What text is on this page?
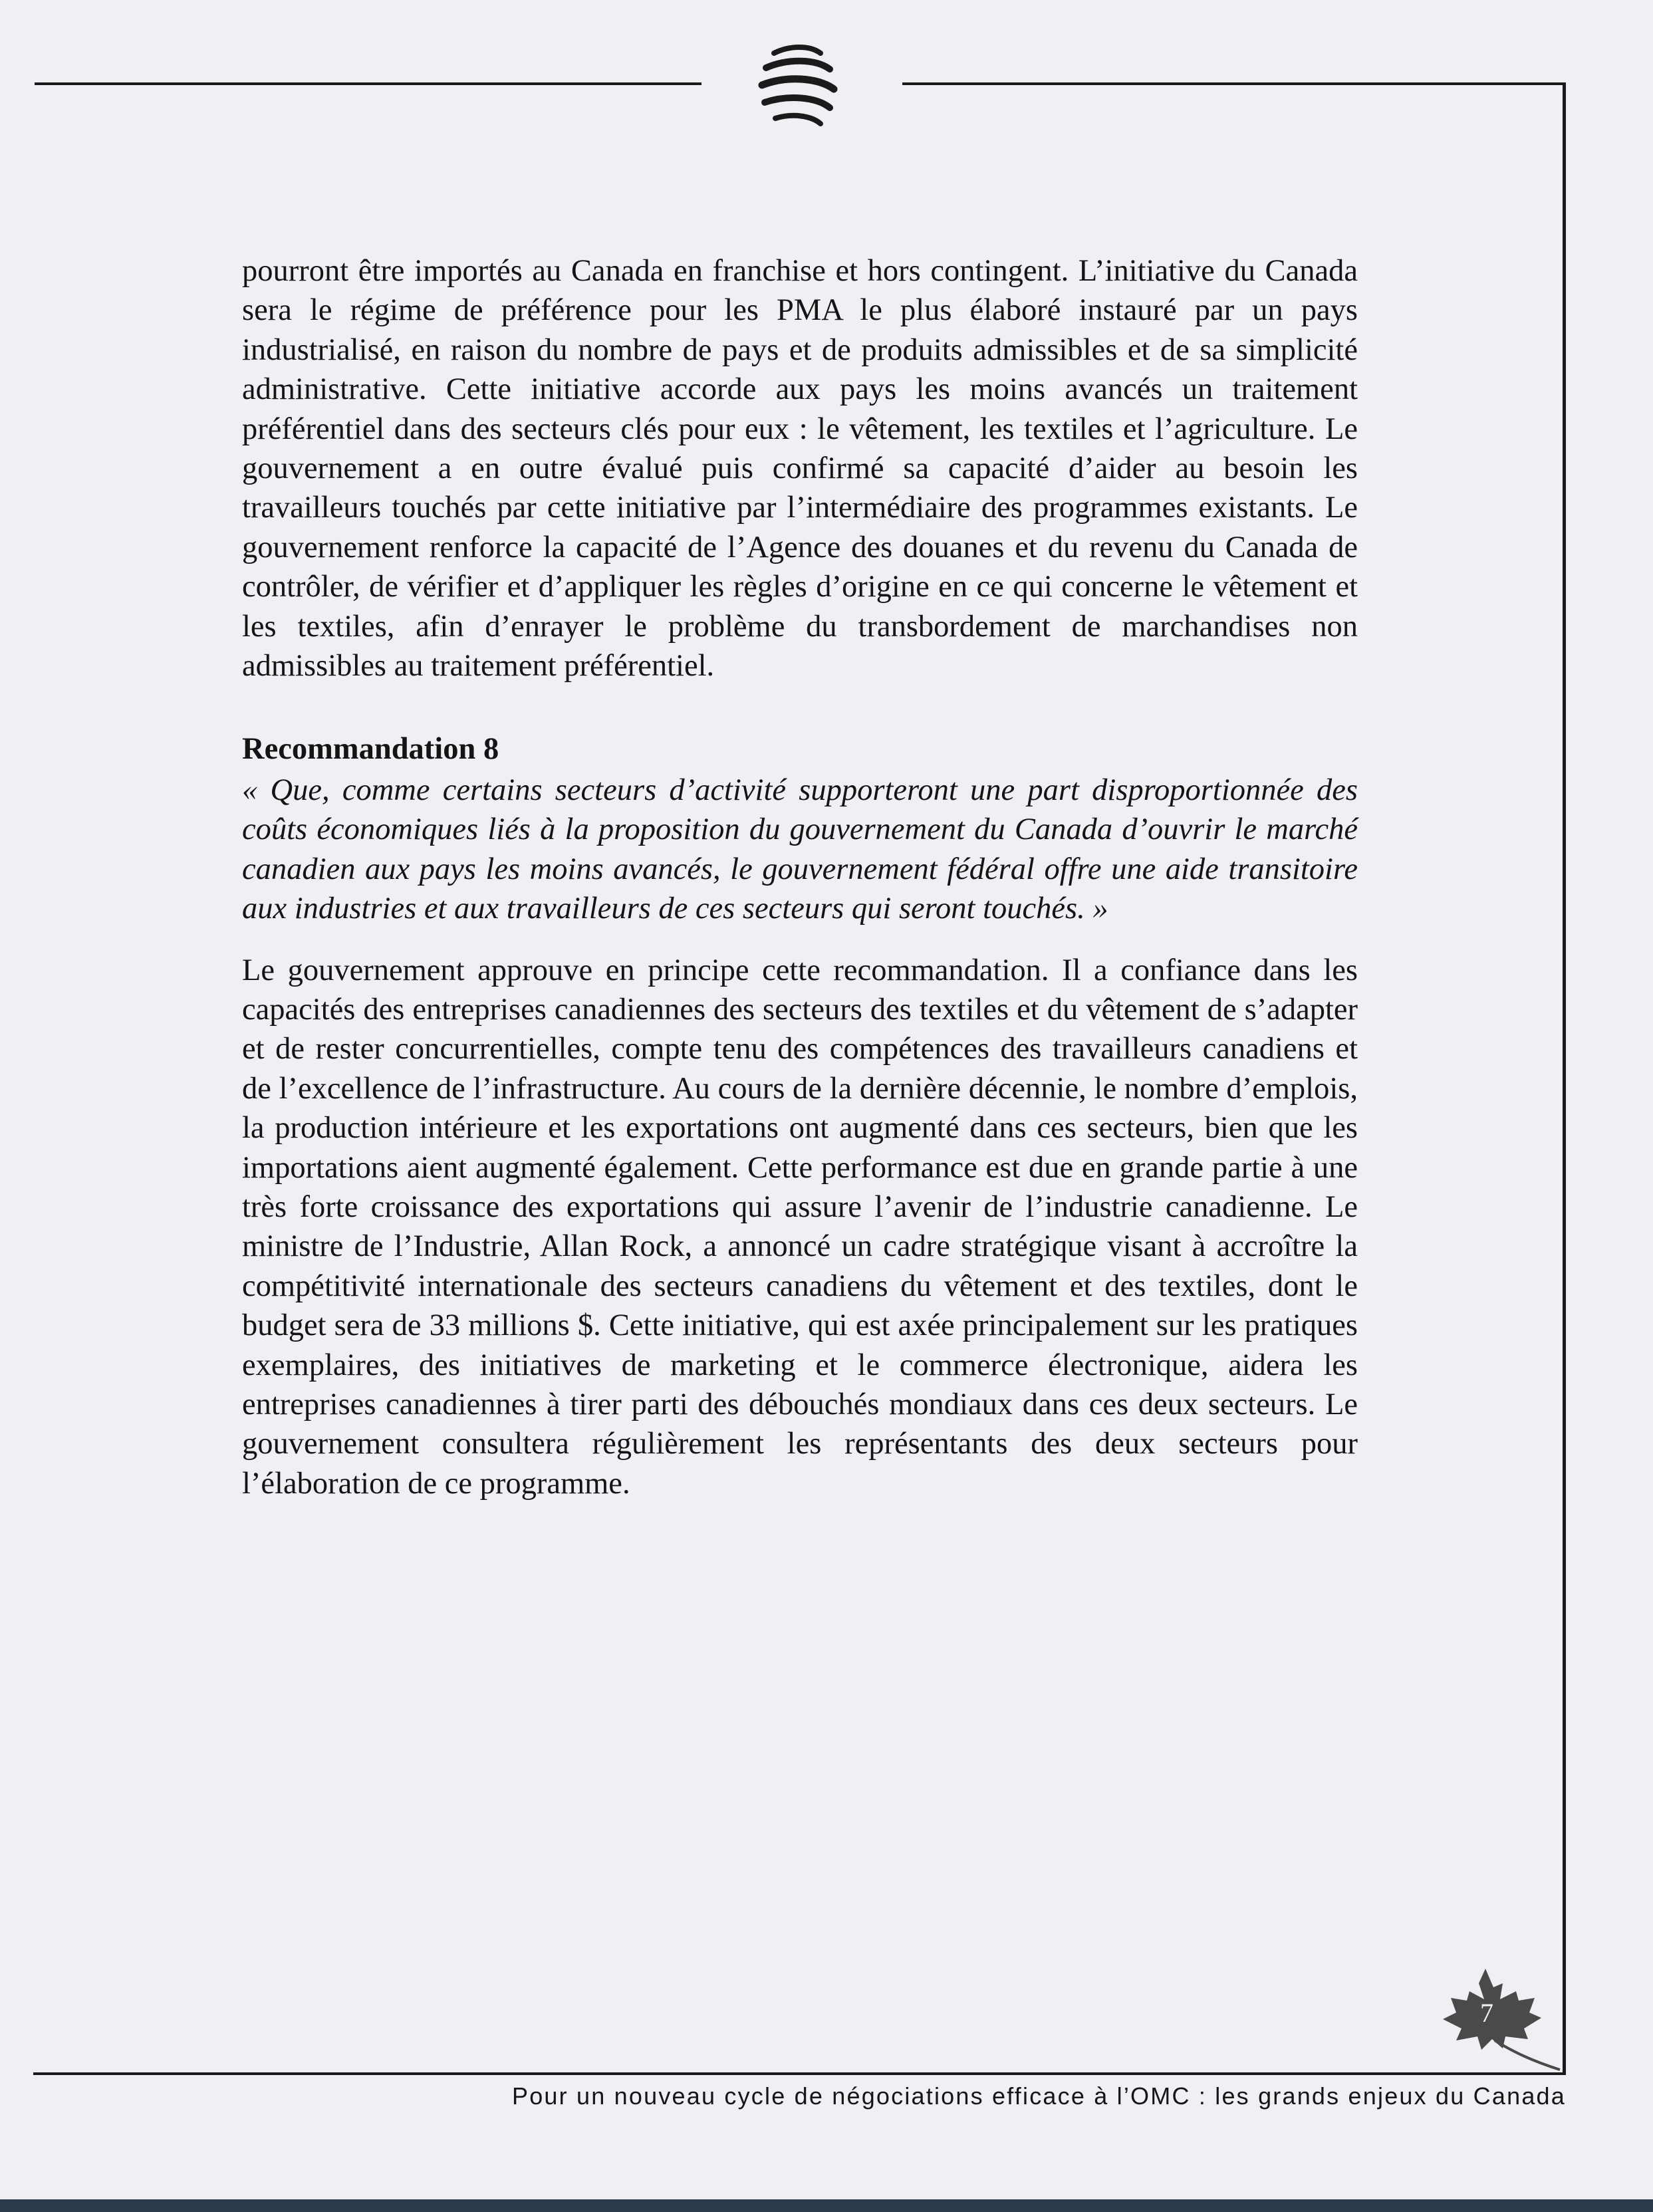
pourront être importés au Canada en franchise et hors contingent. L’initiative du Canada sera le régime de préférence pour les PMA le plus élaboré instauré par un pays industrialisé, en raison du nombre de pays et de produits admissibles et de sa simplicité administrative. Cette initiative accorde aux pays les moins avancés un traitement préférentiel dans des secteurs clés pour eux : le vêtement, les textiles et l’agriculture. Le gouvernement a en outre évalué puis confirmé sa capacité d’aider au besoin les travailleurs touchés par cette initiative par l’intermédiaire des programmes existants. Le gouvernement renforce la capacité de l’Agence des douanes et du revenu du Canada de contrôler, de vérifier et d’appliquer les règles d’origine en ce qui concerne le vêtement et les textiles, afin d’enrayer le problème du transbordement de marchandises non admissibles au traitement préférentiel.

Recommandation 8

« Que, comme certains secteurs d’activité supporteront une part disproportionnée des coûts économiques liés à la proposition du gouvernement du Canada d’ouvrir le marché canadien aux pays les moins avancés, le gouvernement fédéral offre une aide transitoire aux industries et aux travailleurs de ces secteurs qui seront touchés. »

Le gouvernement approuve en principe cette recommandation. Il a confiance dans les capacités des entreprises canadiennes des secteurs des textiles et du vêtement de s’adapter et de rester concurrentielles, compte tenu des compétences des travailleurs canadiens et de l’excellence de l’infrastructure. Au cours de la dernière décennie, le nombre d’emplois, la production intérieure et les exportations ont augmenté dans ces secteurs, bien que les importations aient augmenté également. Cette performance est due en grande partie à une très forte croissance des exportations qui assure l’avenir de l’industrie canadienne. Le ministre de l’Industrie, Allan Rock, a annoncé un cadre stratégique visant à accroître la compétitivité internationale des secteurs canadiens du vêtement et des textiles, dont le budget sera de 33 millions $. Cette initiative, qui est axée principalement sur les pratiques exemplaires, des initiatives de marketing et le commerce électronique, aidera les entreprises canadiennes à tirer parti des débouchés mondiaux dans ces deux secteurs. Le gouvernement consultera régulièrement les représentants des deux secteurs pour l’élaboration de ce programme.

7
Pour un nouveau cycle de négociations efficace à l’OMC : les grands enjeux du Canada
